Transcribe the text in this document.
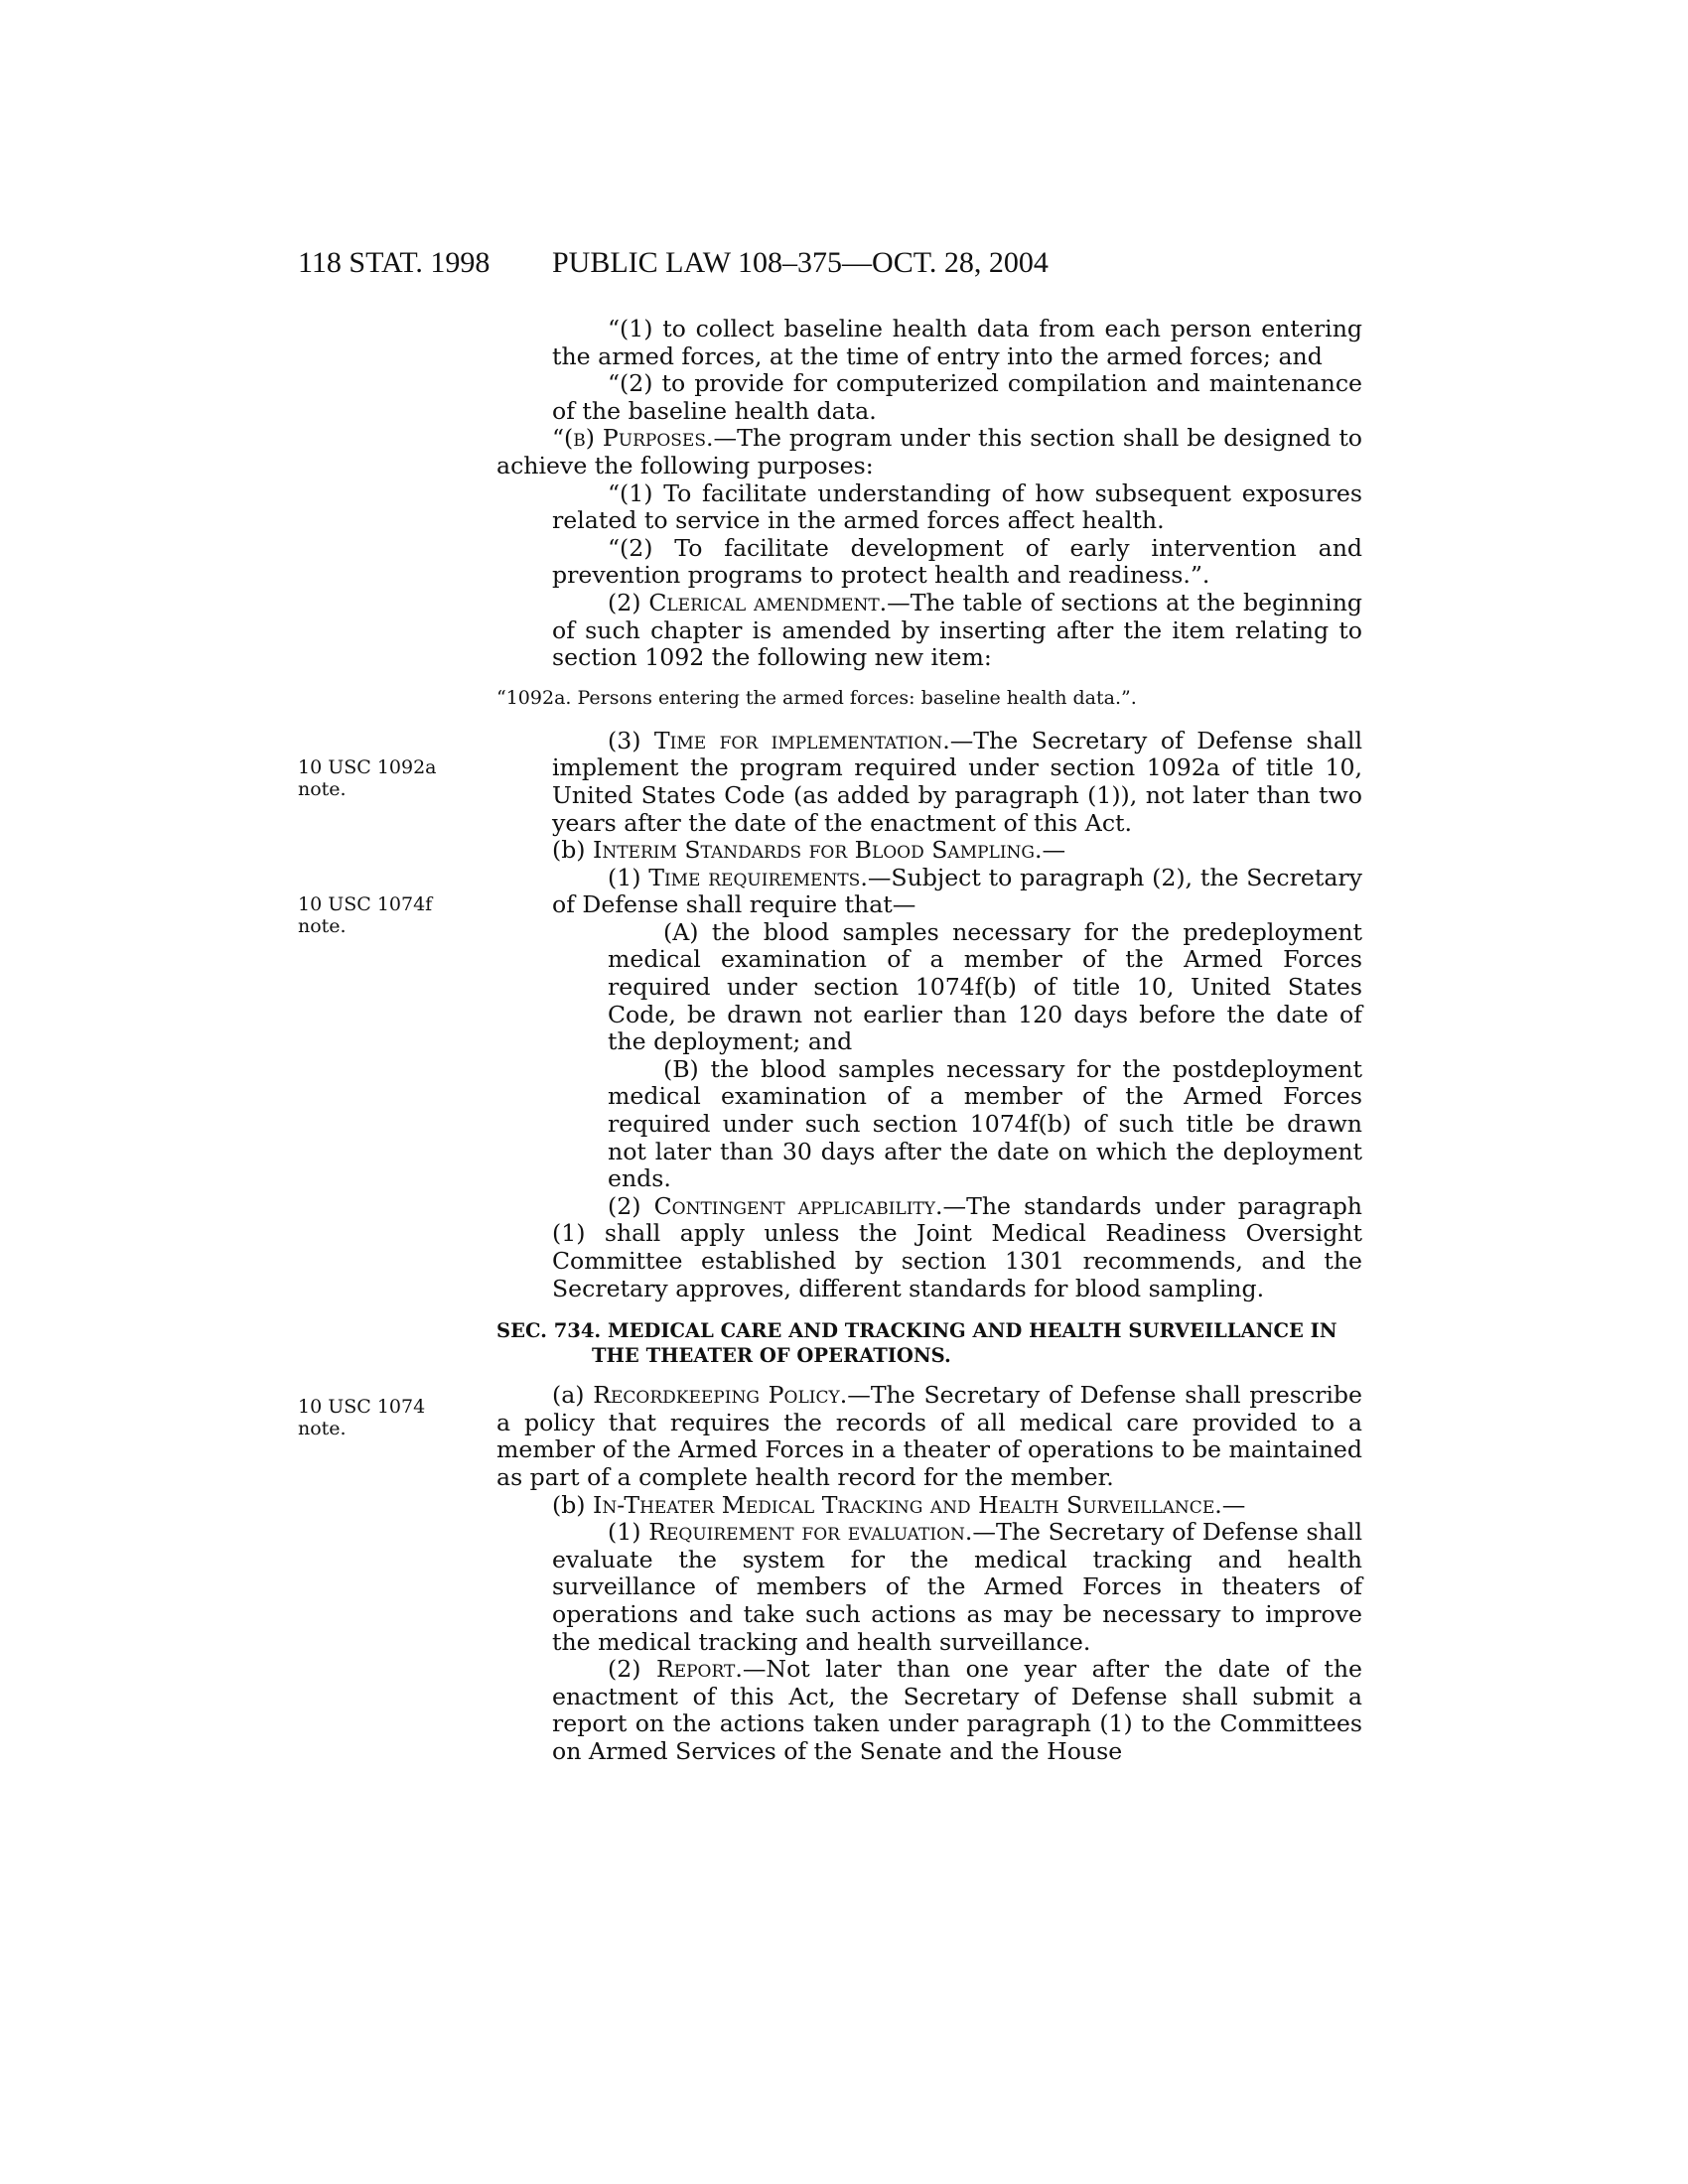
118 STAT. 1998 PUBLIC LAW 108–375—OCT. 28, 2004
10 USC 1092a
note.
10 USC 1074f
note.
10 USC 1074
note.

“(1) to collect baseline health data from each person entering the armed forces, at the time of entry into the armed forces; and

“(2) to provide for computerized compilation and maintenance of the baseline health data.

“(b) Purposes.—The program under this section shall be designed to achieve the following purposes:

“(1) To facilitate understanding of how subsequent exposures related to service in the armed forces affect health.

“(2) To facilitate development of early intervention and prevention programs to protect health and readiness.”.

(2) Clerical amendment.—The table of sections at the beginning of such chapter is amended by inserting after the item relating to section 1092 the following new item:

“1092a. Persons entering the armed forces: baseline health data.”.

(3) Time for implementation.—The Secretary of Defense shall implement the program required under section 1092a of title 10, United States Code (as added by paragraph (1)), not later than two years after the date of the enactment of this Act.

(b) Interim Standards for Blood Sampling.—

(1) Time requirements.—Subject to paragraph (2), the Secretary of Defense shall require that—

(A) the blood samples necessary for the predeployment medical examination of a member of the Armed Forces required under section 1074f(b) of title 10, United States Code, be drawn not earlier than 120 days before the date of the deployment; and

(B) the blood samples necessary for the postdeployment medical examination of a member of the Armed Forces required under such section 1074f(b) of such title be drawn not later than 30 days after the date on which the deployment ends.

(2) Contingent applicability.—The standards under paragraph (1) shall apply unless the Joint Medical Readiness Oversight Committee established by section 1301 recommends, and the Secretary approves, different standards for blood sampling.

SEC. 734. MEDICAL CARE AND TRACKING AND HEALTH SURVEILLANCE IN THE THEATER OF OPERATIONS.

(a) Recordkeeping Policy.—The Secretary of Defense shall prescribe a policy that requires the records of all medical care provided to a member of the Armed Forces in a theater of operations to be maintained as part of a complete health record for the member.

(b) In-Theater Medical Tracking and Health Surveillance.—

(1) Requirement for evaluation.—The Secretary of Defense shall evaluate the system for the medical tracking and health surveillance of members of the Armed Forces in theaters of operations and take such actions as may be necessary to improve the medical tracking and health surveillance.

(2) Report.—Not later than one year after the date of the enactment of this Act, the Secretary of Defense shall submit a report on the actions taken under paragraph (1) to the Committees on Armed Services of the Senate and the House
